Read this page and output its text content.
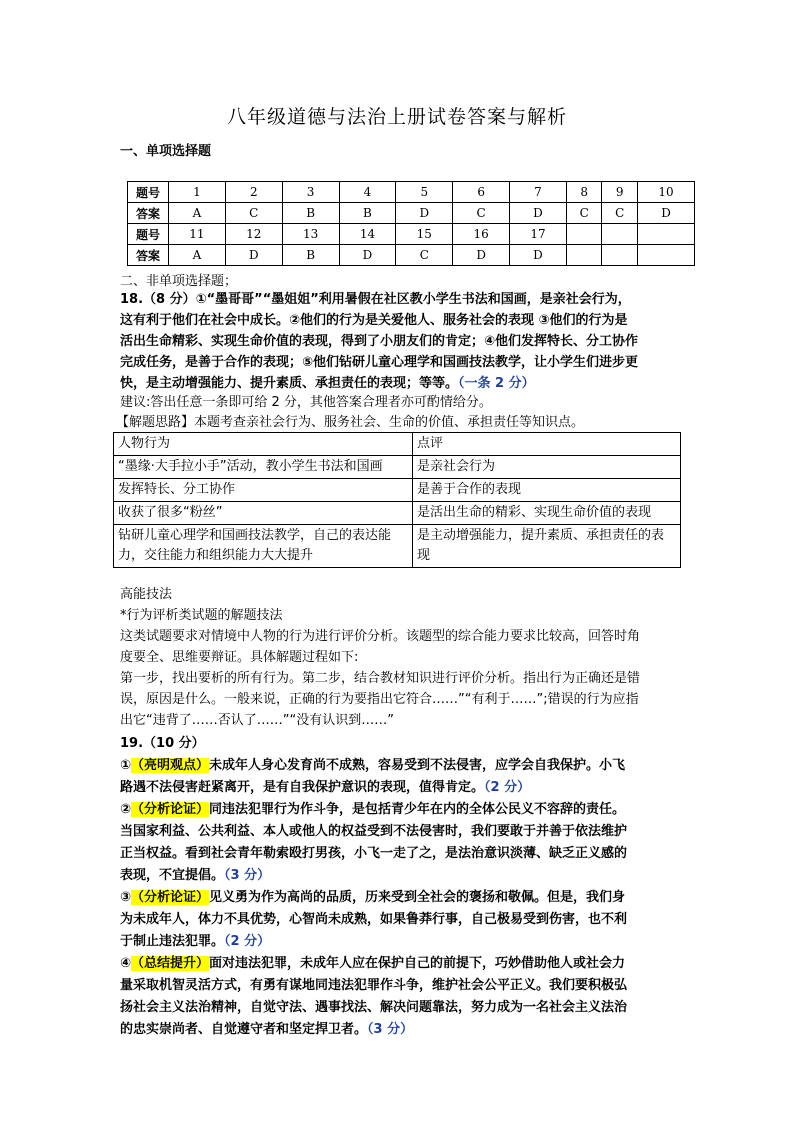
八年级道德与法治上册试卷答案与解析
一、单项选择题
题号	1	2	3	4	5	6	7	8	9	10
答案	A	C	B	B	D	C	D	C	C	D
题号	11	12	13	14	15	16	17			
答案	A	D	B	D	C	D	D			
二、非单项选择题；
18.（8 分）①“墨哥哥”“墨姐姐”利用暑假在社区教小学生书法和国画，是亲社会行为，
这有利于他们在社会中成长。②他们的行为是关爱他人、服务社会的表现 ③他们的行为是
活出生命精彩、实现生命价值的表现，得到了小朋友们的肯定；④他们发挥特长、分工协作
完成任务，是善于合作的表现；⑤他们钻研儿童心理学和国画技法教学，让小学生们进步更
快，是主动增强能力、提升素质、承担责任的表现；等等。（一条 2 分）
建议:答出任意一条即可给 2 分，其他答案合理者亦可酌情给分。
【解题思路】本题考查亲社会行为、服务社会、生命的价值、承担责任等知识点。
人物行为	点评
“墨缘·大手拉小手”活动，教小学生书法和国画	是亲社会行为
发挥特长、分工协作	是善于合作的表现
收获了很多“粉丝”	是活出生命的精彩、实现生命价值的表现
钻研儿童心理学和国画技法教学，自己的表达能力，交往能力和组织能力大大提升	是主动增强能力，提升素质、承担责任的表现
高能技法
*行为评析类试题的解题技法
这类试题要求对情境中人物的行为进行评价分析。该题型的综合能力要求比较高，回答时角
度要全、思维要辩证。具体解题过程如下:
第一步，找出要析的所有行为。第二步，结合教材知识进行评价分析。指出行为正确还是错
误，原因是什么。一般来说，正确的行为要指出它符合……”“有利于……”;错误的行为应指
出它“违背了……否认了……”“没有认识到……”
19.（10 分）
①（亮明观点）未成年人身心发育尚不成熟，容易受到不法侵害，应学会自我保护。小飞
路遇不法侵害赶紧离开，是有自我保护意识的表现，值得肯定。（2 分）
②（分析论证）同违法犯罪行为作斗争，是包括青少年在内的全体公民义不容辞的责任。
当国家利益、公共利益、本人或他人的权益受到不法侵害时，我们要敢于并善于依法维护
正当权益。看到社会青年勒索殴打男孩，小飞一走了之，是法治意识淡薄、缺乏正义感的
表现，不宜提倡。（3 分）
③（分析论证）见义勇为作为高尚的品质，历来受到全社会的褒扬和敬佩。但是，我们身
为未成年人，体力不具优势，心智尚未成熟，如果鲁莽行事，自己极易受到伤害，也不利
于制止违法犯罪。（2 分）
④（总结提升）面对违法犯罪，未成年人应在保护自己的前提下，巧妙借助他人或社会力
量采取机智灵活方式，有勇有谋地同违法犯罪作斗争，维护社会公平正义。我们要积极弘
扬社会主义法治精神，自觉守法、遇事找法、解决问题靠法，努力成为一名社会主义法治
的忠实崇尚者、自觉遵守者和坚定捍卫者。（3 分）
